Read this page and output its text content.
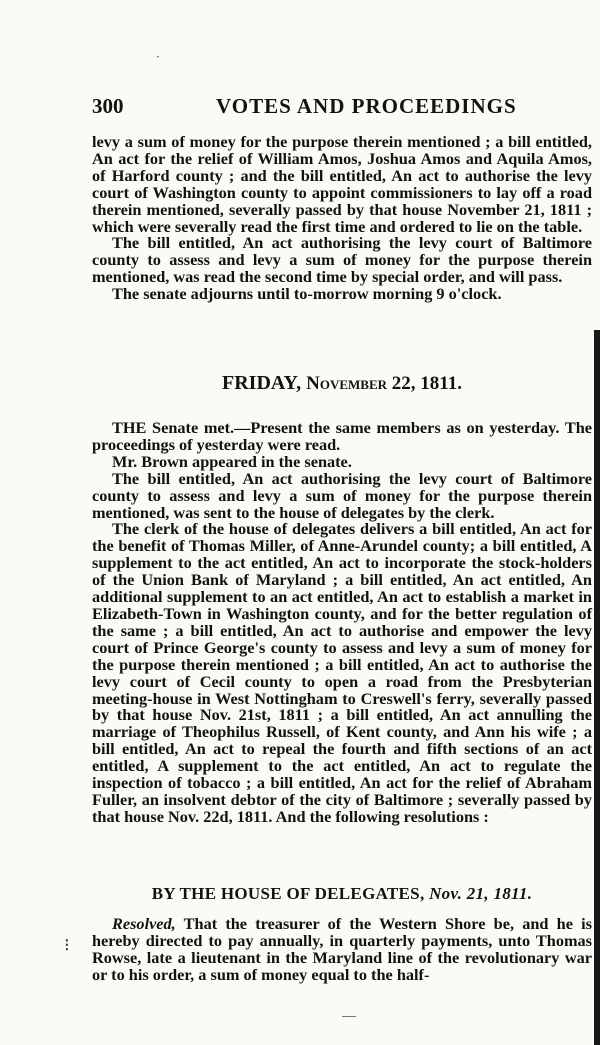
·
300	VOTES AND PROCEEDINGS

levy a sum of money for the purpose therein mentioned ; a bill entitled, An act for the relief of William Amos, Joshua Amos and Aquila Amos, of Harford county ; and the bill entitled, An act to authorise the levy court of Washington county to appoint commissioners to lay off a road therein mentioned, severally passed by that house November 21, 1811 ; which were severally read the first time and ordered to lie on the table.

The bill entitled, An act authorising the levy court of Baltimore county to assess and levy a sum of money for the purpose therein mentioned, was read the second time by special order, and will pass.

The senate adjourns until to-morrow morning 9 o'clock.

FRIDAY, November 22, 1811.

THE Senate met.—Present the same members as on yesterday. The proceedings of yesterday were read.

Mr. Brown appeared in the senate.

The bill entitled, An act authorising the levy court of Baltimore county to assess and levy a sum of money for the purpose therein mentioned, was sent to the house of delegates by the clerk.

The clerk of the house of delegates delivers a bill entitled, An act for the benefit of Thomas Miller, of Anne-Arundel county; a bill entitled, A supplement to the act entitled, An act to incorporate the stock-holders of the Union Bank of Maryland ; a bill entitled, An act entitled, An additional supplement to an act entitled, An act to establish a market in Elizabeth-Town in Washington county, and for the better regulation of the same ; a bill entitled, An act to authorise and empower the levy court of Prince George's county to assess and levy a sum of money for the purpose therein mentioned ; a bill entitled, An act to authorise the levy court of Cecil county to open a road from the Presbyterian meeting-house in West Nottingham to Creswell's ferry, severally passed by that house Nov. 21st, 1811 ; a bill entitled, An act annulling the marriage of Theophilus Russell, of Kent county, and Ann his wife ; a bill entitled, An act to repeal the fourth and fifth sections of an act entitled, A supplement to the act entitled, An act to regulate the inspection of tobacco ; a bill entitled, An act for the relief of Abraham Fuller, an insolvent debtor of the city of Baltimore ; severally passed by that house Nov. 22d, 1811. And the following resolutions :

BY THE HOUSE OF DELEGATES, Nov. 21, 1811.
⁝

Resolved, That the treasurer of the Western Shore be, and he is hereby directed to pay annually, in quarterly payments, unto Thomas Rowse, late a lieutenant in the Maryland line of the revolutionary war or to his order, a sum of money equal to the half-
